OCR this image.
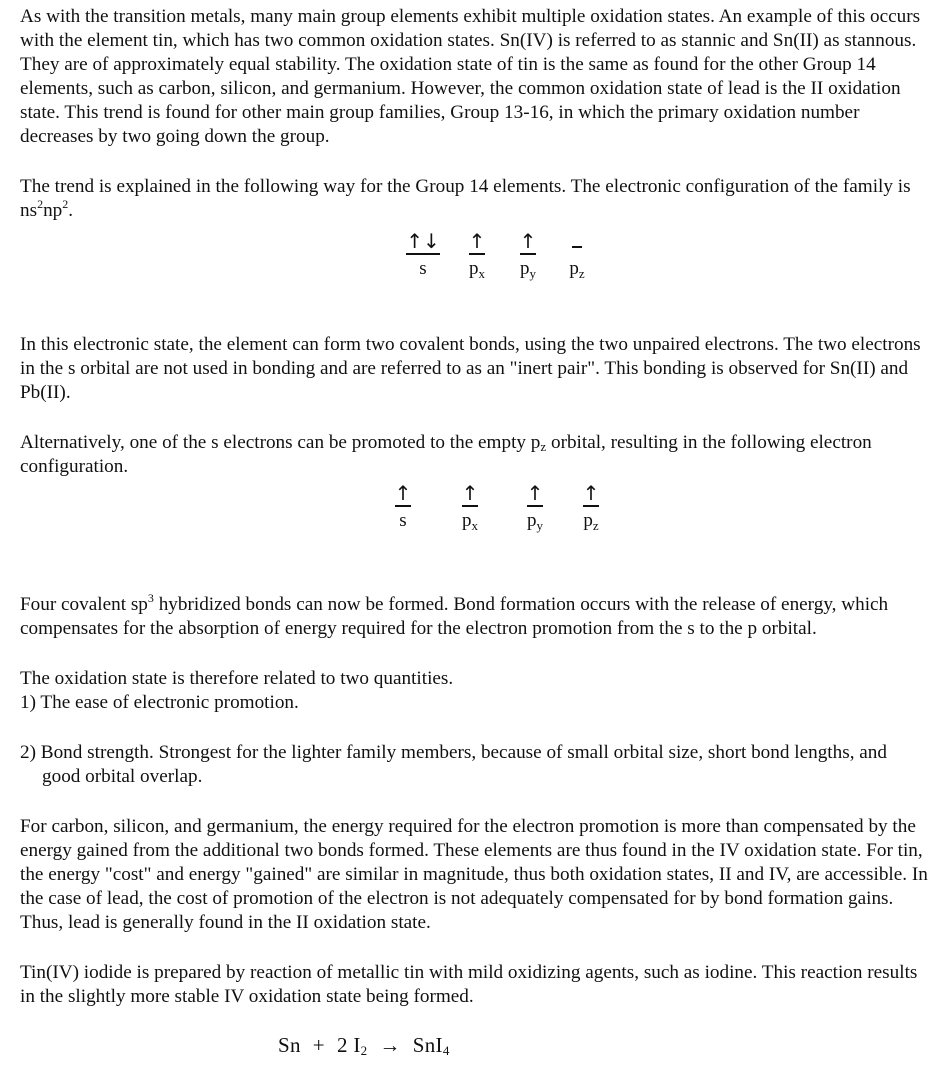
As with the transition metals, many main group elements exhibit multiple oxidation states. An example of this occurs with the element tin, which has two common oxidation states. Sn(IV) is referred to as stannic and Sn(II) as stannous. They are of approximately equal stability. The oxidation state of tin is the same as found for the other Group 14 elements, such as carbon, silicon, and germanium. However, the common oxidation state of lead is the II oxidation state. This trend is found for other main group families, Group 13-16, in which the primary oxidation number decreases by two going down the group.

The trend is explained in the following way for the Group 14 elements. The electronic configuration of the family is $ns^2np^2$.

↑↓
s
↑
$p_x$
↑
$p_y$	$p_z$

In this electronic state, the element can form two covalent bonds, using the two unpaired electrons. The two electrons in the s orbital are not used in bonding and are referred to as an "inert pair". This bonding is observed for Sn(II) and Pb(II).

Alternatively, one of the s electrons can be promoted to the empty $p_z$ orbital, resulting in the following electron configuration.

↑
s
↑
$p_x$
↑
$p_y$
↑
$p_z$

Four covalent $sp^3$ hybridized bonds can now be formed. Bond formation occurs with the release of energy, which compensates for the absorption of energy required for the electron promotion from the s to the p orbital.

The oxidation state is therefore related to two quantities.

1) The ease of electronic promotion.

2) Bond strength. Strongest for the lighter family members, because of small orbital size, short bond lengths, and good orbital overlap.

For carbon, silicon, and germanium, the energy required for the electron promotion is more than compensated by the energy gained from the additional two bonds formed. These elements are thus found in the IV oxidation state. For tin, the energy "cost" and energy "gained" are similar in magnitude, thus both oxidation states, II and IV, are accessible. In the case of lead, the cost of promotion of the electron is not adequately compensated for by bond formation gains. Thus, lead is generally found in the II oxidation state.

Tin(IV) iodide is prepared by reaction of metallic tin with mild oxidizing agents, such as iodine. This reaction results in the slightly more stable IV oxidation state being formed.

Sn + 2 $I_2 \to SnI_4$
